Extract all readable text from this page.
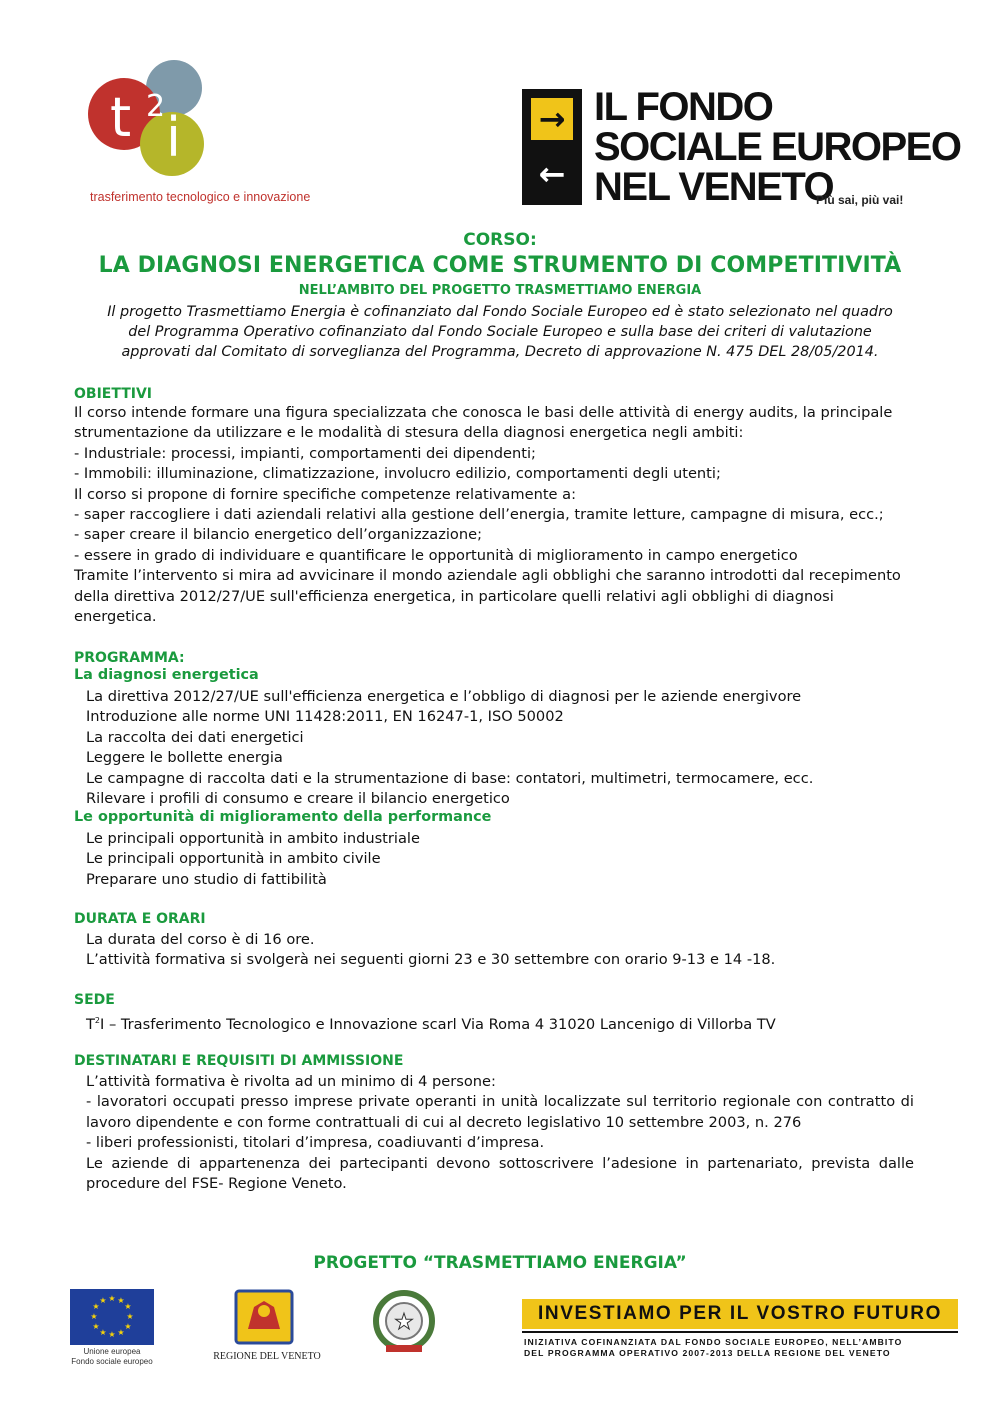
t 2 i
trasferimento tecnologico e innovazione
→
←
IL FONDO
SOCIALE EUROPEO
NEL VENETO
Più sai, più vai!
CORSO:
LA DIAGNOSI ENERGETICA COME STRUMENTO DI COMPETITIVITÀ
NELL’AMBITO DEL PROGETTO TRASMETTIAMO ENERGIA
Il progetto Trasmettiamo Energia è cofinanziato dal Fondo Sociale Europeo ed è stato selezionato nel quadro
del Programma Operativo cofinanziato dal Fondo Sociale Europeo e sulla base dei criteri di valutazione
approvati dal Comitato di sorveglianza del Programma, Decreto di approvazione N. 475 DEL 28/05/2014.
OBIETTIVI
Il corso intende formare una figura specializzata che conosca le basi delle attività di energy audits, la principale
strumentazione da utilizzare e le modalità di stesura della diagnosi energetica negli ambiti:
- Industriale: processi, impianti, comportamenti dei dipendenti;
- Immobili: illuminazione, climatizzazione, involucro edilizio, comportamenti degli utenti;
Il corso si propone di fornire specifiche competenze relativamente a:
- saper raccogliere i dati aziendali relativi alla gestione dell’energia, tramite letture, campagne di misura, ecc.;
- saper creare il bilancio energetico dell’organizzazione;
- essere in grado di individuare e quantificare le opportunità di miglioramento in campo energetico
Tramite l’intervento si mira ad avvicinare il mondo aziendale agli obblighi che saranno introdotti dal recepimento
della direttiva 2012/27/UE sull'efficienza energetica, in particolare quelli relativi agli obblighi di diagnosi
energetica.
PROGRAMMA:
La diagnosi energetica
La direttiva 2012/27/UE sull'efficienza energetica e l’obbligo di diagnosi per le aziende energivore
Introduzione alle norme UNI 11428:2011, EN 16247-1, ISO 50002
La raccolta dei dati energetici
Leggere le bollette energia
Le campagne di raccolta dati e la strumentazione di base: contatori, multimetri, termocamere, ecc.
Rilevare i profili di consumo e creare il bilancio energetico
Le opportunità di miglioramento della performance
Le principali opportunità in ambito industriale
Le principali opportunità in ambito civile
Preparare uno studio di fattibilità
DURATA E ORARI
La durata del corso è di 16 ore.
L’attività formativa si svolgerà nei seguenti giorni 23 e 30 settembre con orario 9-13 e 14 -18.
SEDE
$T^2I$ – Trasferimento Tecnologico e Innovazione scarl Via Roma 4 31020 Lancenigo di Villorba TV
DESTINATARI E REQUISITI DI AMMISSIONE
L’attività formativa è rivolta ad un minimo di 4 persone:
- lavoratori occupati presso imprese private operanti in unità localizzate sul territorio regionale con contratto di lavoro dipendente e con forme contrattuali di cui al decreto legislativo 10 settembre 2003, n. 276
- liberi professionisti, titolari d’impresa, coadiuvanti d’impresa.
Le aziende di appartenenza dei partecipanti devono sottoscrivere l’adesione in partenariato, prevista dalle procedure del FSE- Regione Veneto.
PROGETTO “TRASMETTIAMO ENERGIA”
★ ★
★
★
★
★
★
★
★
★
★
★
Unione europea
Fondo sociale europeo	REGIONE DEL VENETO
★	INVESTIAMO PER IL VOSTRO FUTURO
INIZIATIVA COFINANZIATA DAL FONDO SOCIALE EUROPEO, NELL’AMBITO
DEL PROGRAMMA OPERATIVO 2007-2013 DELLA REGIONE DEL VENETO
